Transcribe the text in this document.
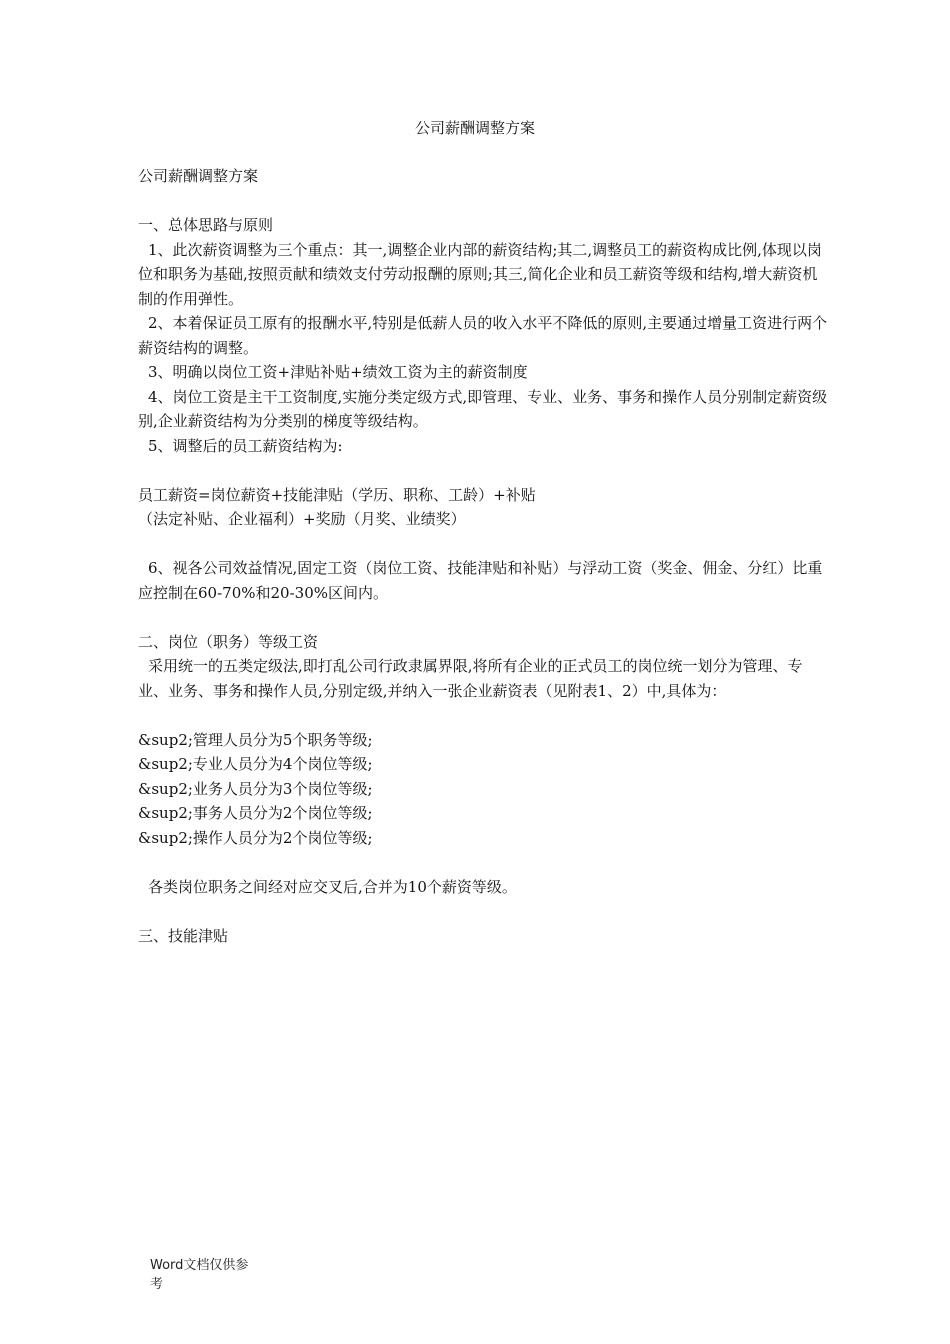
公司薪酬调整方案

公司薪酬调整方案

一、总体思路与原则

1、此次薪资调整为三个重点：其一,调整企业内部的薪资结构;其二,调整员工的薪资构成比例,体现以岗位和职务为基础,按照贡献和绩效支付劳动报酬的原则;其三,简化企业和员工薪资等级和结构,增大薪资机制的作用弹性。

2、本着保证员工原有的报酬水平,特别是低薪人员的收入水平不降低的原则,主要通过增量工资进行两个薪资结构的调整。

3、明确以岗位工资+津贴补贴+绩效工资为主的薪资制度

4、岗位工资是主干工资制度,实施分类定级方式,即管理、专业、业务、事务和操作人员分别制定薪资级别,企业薪资结构为分类别的梯度等级结构。

5、调整后的员工薪资结构为:

员工薪资=岗位薪资+技能津贴（学历、职称、工龄）+补贴

（法定补贴、企业福利）+奖励（月奖、业绩奖）

6、视各公司效益情况,固定工资（岗位工资、技能津贴和补贴）与浮动工资（奖金、佣金、分红）比重应控制在60-70%和20-30%区间内。

二、岗位（职务）等级工资

采用统一的五类定级法,即打乱公司行政隶属界限,将所有企业的正式员工的岗位统一划分为管理、专业、业务、事务和操作人员,分别定级,并纳入一张企业薪资表（见附表1、2）中,具体为：

&sup2;管理人员分为5个职务等级;

&sup2;专业人员分为4个岗位等级;

&sup2;业务人员分为3个岗位等级;

&sup2;事务人员分为2个岗位等级;

&sup2;操作人员分为2个岗位等级;

各类岗位职务之间经对应交叉后,合并为10个薪资等级。

三、技能津贴

Word文档仅供参考
